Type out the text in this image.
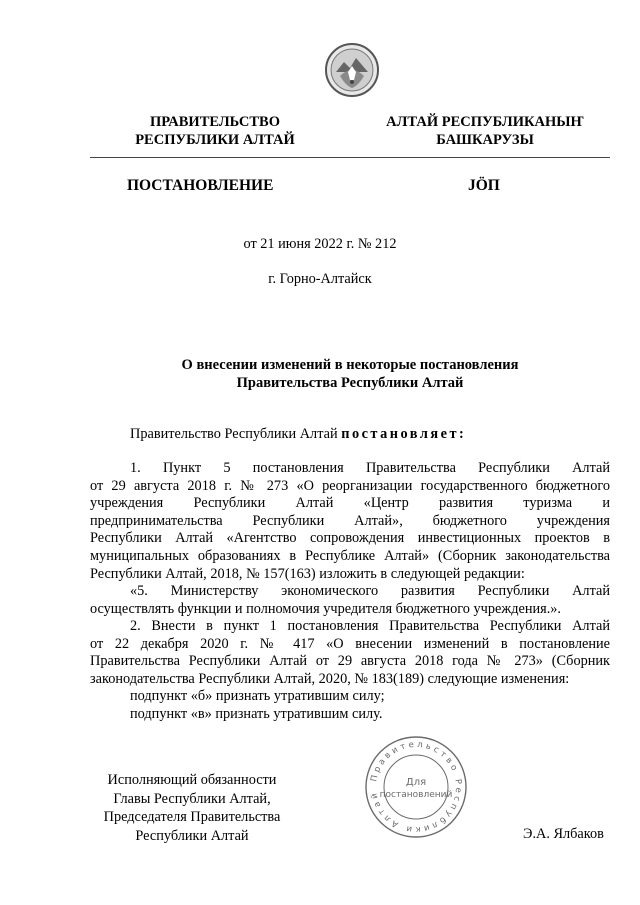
ПРАВИТЕЛЬСТВО
РЕСПУБЛИКИ АЛТАЙ
АЛТАЙ РЕСПУБЛИКАНЫҤ
БАШКАРУЗЫ
ПОСТАНОВЛЕНИЕ	JÖП
от 21 июня 2022 г. № 212
г. Горно-Алтайск
О внесении изменений в некоторые постановления
Правительства Республики Алтай
Правительство Республики Алтай постановляет:
1. Пункт 5 постановления Правительства Республики Алтай
от 29 августа 2018 г. № 273 «О реорганизации государственного бюджетного
учреждения Республики Алтай «Центр развития туризма и
предпринимательства Республики Алтай», бюджетного учреждения
Республики Алтай «Агентство сопровождения инвестиционных проектов в
муниципальных образованиях в Республике Алтай» (Сборник законодательства
Республики Алтай, 2018, № 157(163) изложить в следующей редакции:
«5. Министерству экономического развития Республики Алтай
осуществлять функции и полномочия учредителя бюджетного учреждения.».
2. Внести в пункт 1 постановления Правительства Республики Алтай
от 22 декабря 2020 г. № 417 «О внесении изменений в постановление
Правительства Республики Алтай от 29 августа 2018 года № 273» (Сборник
законодательства Республики Алтай, 2020, № 183(189) следующие изменения:
подпункт «б» признать утратившим силу;
подпункт «в» признать утратившим силу.
Исполняющий обязанности
Главы Республики Алтай,
Председателя Правительства
Республики Алтай	Э.А. Ялбаков
Правительство Республики Алтай
Для
постановлений
